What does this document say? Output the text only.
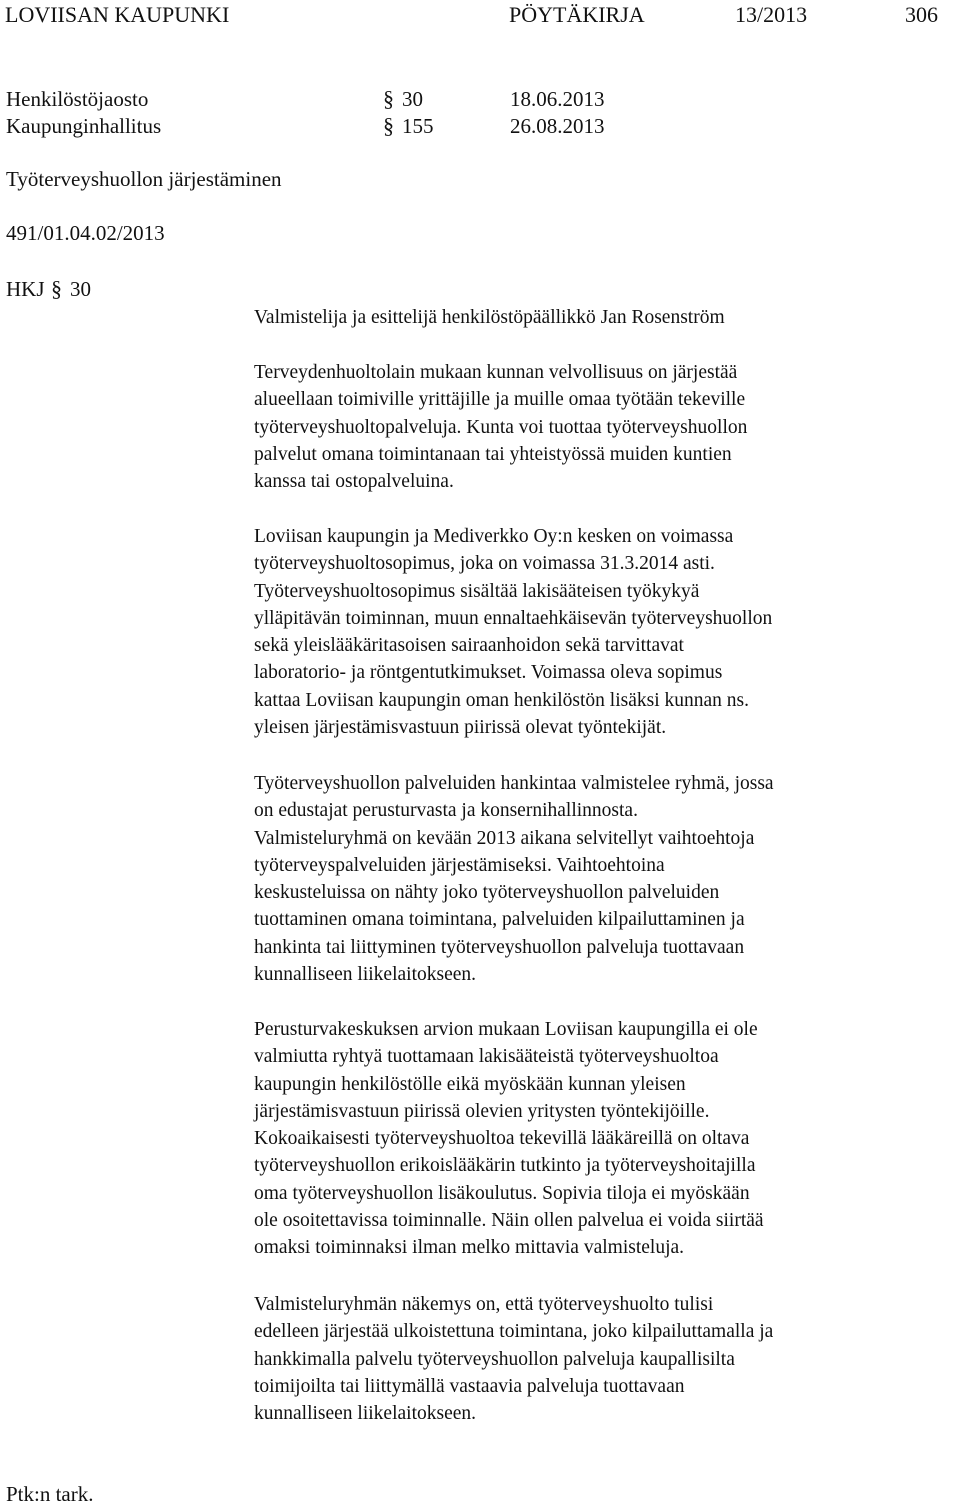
LOVIISAN KAUPUNKI	PÖYTÄKIRJA	13/2013	306
Henkilöstöjaosto	§ 30	18.06.2013
Kaupunginhallitus	§ 155	26.08.2013
Työterveyshuollon järjestäminen
491/01.04.02/2013
HKJ § 30

Valmistelija ja esittelijä henkilöstöpäällikkö Jan Rosenström

Terveydenhuoltolain mukaan kunnan velvollisuus on järjestää

alueellaan toimiville yrittäjille ja muille omaa työtään tekeville

työterveyshuoltopalveluja. Kunta voi tuottaa työterveyshuollon

palvelut omana toimintanaan tai yhteistyössä muiden kuntien

kanssa tai ostopalveluina.

Loviisan kaupungin ja Mediverkko Oy:n kesken on voimassa

työterveyshuoltosopimus, joka on voimassa 31.3.2014 asti.

Työterveyshuoltosopimus sisältää lakisääteisen työkykyä

ylläpitävän toiminnan, muun ennaltaehkäisevän työterveyshuollon

sekä yleislääkäritasoisen sairaanhoidon sekä tarvittavat

laboratorio- ja röntgentutkimukset. Voimassa oleva sopimus

kattaa Loviisan kaupungin oman henkilöstön lisäksi kunnan ns.

yleisen järjestämisvastuun piirissä olevat työntekijät.

Työterveyshuollon palveluiden hankintaa valmistelee ryhmä, jossa

on edustajat perusturvasta ja konsernihallinnosta.

Valmisteluryhmä on kevään 2013 aikana selvitellyt vaihtoehtoja

työterveyspalveluiden järjestämiseksi. Vaihtoehtoina

keskusteluissa on nähty joko työterveyshuollon palveluiden

tuottaminen omana toimintana, palveluiden kilpailuttaminen ja

hankinta tai liittyminen työterveyshuollon palveluja tuottavaan

kunnalliseen liikelaitokseen.

Perusturvakeskuksen arvion mukaan Loviisan kaupungilla ei ole

valmiutta ryhtyä tuottamaan lakisääteistä työterveyshuoltoa

kaupungin henkilöstölle eikä myöskään kunnan yleisen

järjestämisvastuun piirissä olevien yritysten työntekijöille.

Kokoaikaisesti työterveyshuoltoa tekevillä lääkäreillä on oltava

työterveyshuollon erikoislääkärin tutkinto ja työterveyshoitajilla

oma työterveyshuollon lisäkoulutus. Sopivia tiloja ei myöskään

ole osoitettavissa toiminnalle. Näin ollen palvelua ei voida siirtää

omaksi toiminnaksi ilman melko mittavia valmisteluja.

Valmisteluryhmän näkemys on, että työterveyshuolto tulisi

edelleen järjestää ulkoistettuna toimintana, joko kilpailuttamalla ja

hankkimalla palvelu työterveyshuollon palveluja kaupallisilta

toimijoilta tai liittymällä vastaavia palveluja tuottavaan

kunnalliseen liikelaitokseen.

Ptk:n tark.
